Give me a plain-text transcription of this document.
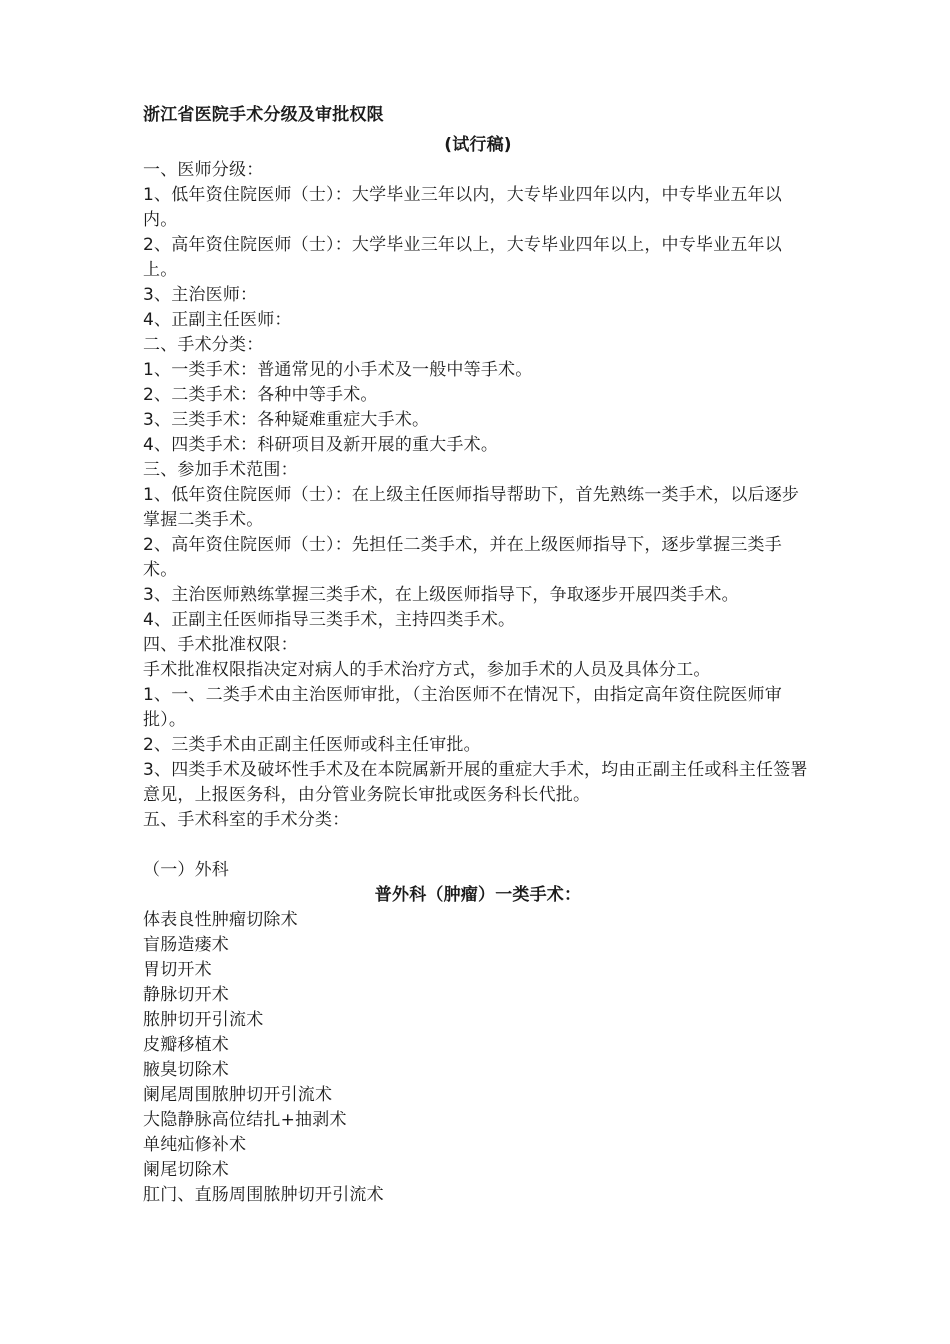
浙江省医院手术分级及审批权限

(试行稿)

一、医师分级：

1、低年资住院医师（士）：大学毕业三年以内，大专毕业四年以内，中专毕业五年以内。

2、高年资住院医师（士）：大学毕业三年以上，大专毕业四年以上，中专毕业五年以上。

3、主治医师：

4、正副主任医师：

二、手术分类：

1、一类手术：普通常见的小手术及一般中等手术。

2、二类手术：各种中等手术。

3、三类手术：各种疑难重症大手术。

4、四类手术：科研项目及新开展的重大手术。

三、参加手术范围：

1、低年资住院医师（士）：在上级主任医师指导帮助下，首先熟练一类手术，以后逐步掌握二类手术。

2、高年资住院医师（士）：先担任二类手术，并在上级医师指导下，逐步掌握三类手术。

3、主治医师熟练掌握三类手术，在上级医师指导下，争取逐步开展四类手术。

4、正副主任医师指导三类手术，主持四类手术。

四、手术批准权限：

手术批准权限指决定对病人的手术治疗方式，参加手术的人员及具体分工。

1、一、二类手术由主治医师审批，（主治医师不在情况下，由指定高年资住院医师审批）。

2、三类手术由正副主任医师或科主任审批。

3、四类手术及破坏性手术及在本院属新开展的重症大手术，均由正副主任或科主任签署意见，上报医务科，由分管业务院长审批或医务科长代批。

五、手术科室的手术分类：

（一）外科

普外科（肿瘤）一类手术：

体表良性肿瘤切除术

盲肠造瘘术

胃切开术

静脉切开术

脓肿切开引流术

皮瓣移植术

腋臭切除术

阑尾周围脓肿切开引流术

大隐静脉高位结扎+抽剥术

单纯疝修补术

阑尾切除术

肛门、直肠周围脓肿切开引流术
